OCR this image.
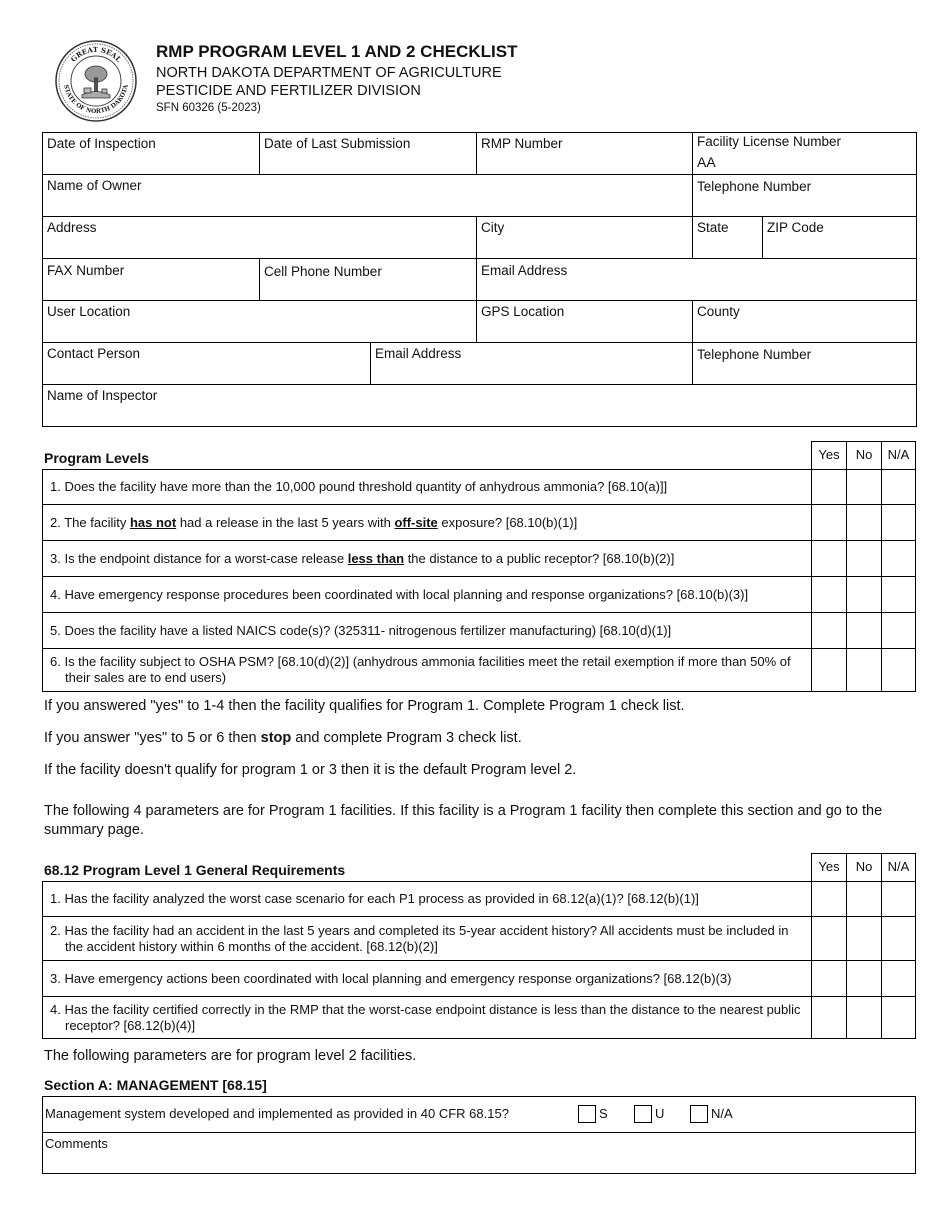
GREAT SEAL
STATE OF NORTH DAKOTA
RMP PROGRAM LEVEL 1 AND 2 CHECKLIST
NORTH DAKOTA DEPARTMENT OF AGRICULTURE
PESTICIDE AND FERTILIZER DIVISION
SFN 60326 (5-2023)
Date of Inspection	Date of Last Submission	RMP Number	Facility License Number
AA
Name of Owner	Telephone Number
Address	City	State	ZIP Code
FAX Number	Cell Phone Number	Email Address
User Location	GPS Location	County
Contact Person	Email Address	Telephone Number
Name of Inspector
Program Levels	Yes	No	N/A
1. Does the facility have more than the 10,000 pound threshold quantity of anhydrous ammonia? [68.10(a)]]
2. The facility has not had a release in the last 5 years with off-site exposure? [68.10(b)(1)]
3. Is the endpoint distance for a worst-case release less than the distance to a public receptor? [68.10(b)(2)]
4. Have emergency response procedures been coordinated with local planning and response organizations? [68.10(b)(3)]
5. Does the facility have a listed NAICS code(s)? (325311- nitrogenous fertilizer manufacturing) [68.10(d)(1)]
6. Is the facility subject to OSHA PSM? [68.10(d)(2)] (anhydrous ammonia facilities meet the retail exemption if more than 50% of their sales are to end users)
If you answered "yes" to 1-4 then the facility qualifies for Program 1. Complete Program 1 check list.
If you answer "yes" to 5 or 6 then stop and complete Program 3 check list.
If the facility doesn't qualify for program 1 or 3 then it is the default Program level 2.
The following 4 parameters are for Program 1 facilities. If this facility is a Program 1 facility then complete this section and go to the summary page.
68.12 Program Level 1 General Requirements	Yes	No	N/A
1. Has the facility analyzed the worst case scenario for each P1 process as provided in 68.12(a)(1)? [68.12(b)(1)]
2. Has the facility had an accident in the last 5 years and completed its 5-year accident history? All accidents must be included in the accident history within 6 months of the accident. [68.12(b)(2)]
3. Have emergency actions been coordinated with local planning and emergency response organizations? [68.12(b)(3)
4. Has the facility certified correctly in the RMP that the worst-case endpoint distance is less than the distance to the nearest public receptor? [68.12(b)(4)]
The following parameters are for program level 2 facilities.
Section A: MANAGEMENT [68.15]
Management system developed and implemented as provided in 40 CFR 68.15?	S	U	N/A
Comments
